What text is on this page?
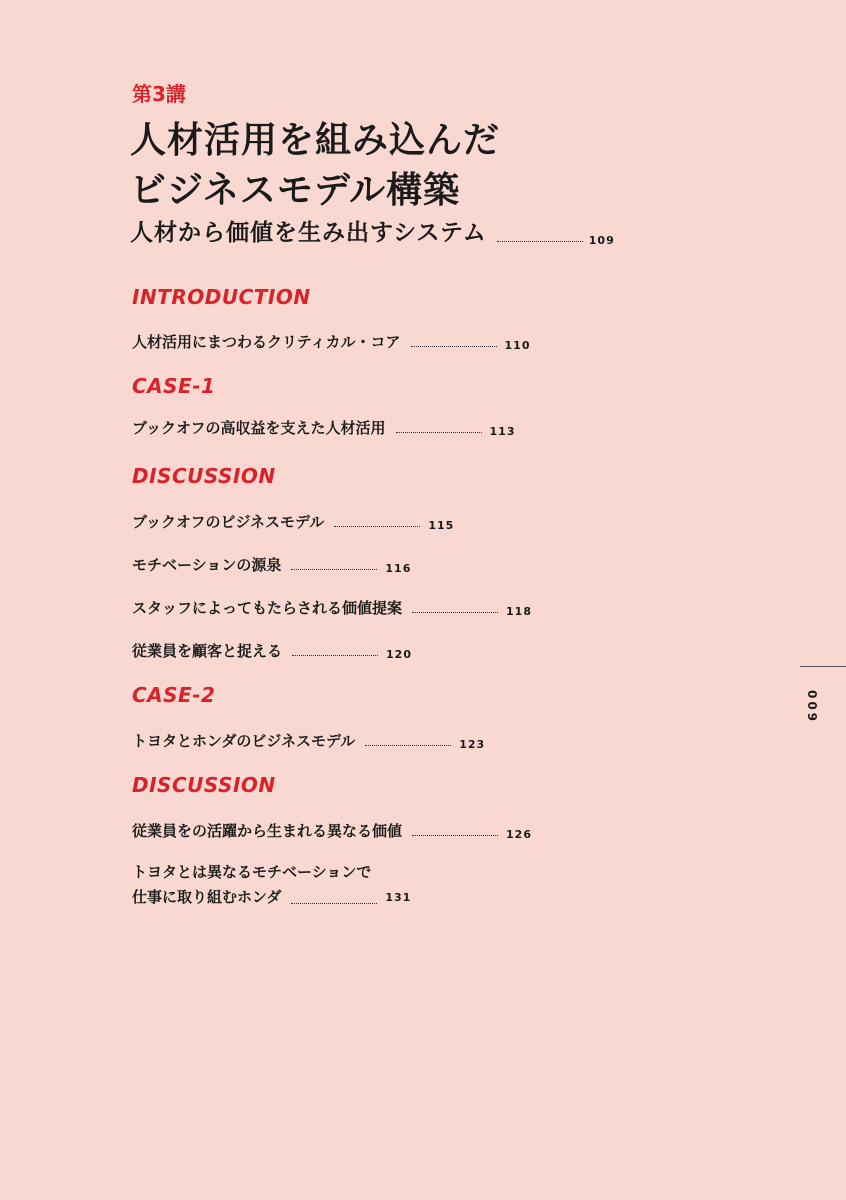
第3講
人材活用を組み込んだ
ビジネスモデル構築
人材から価値を生み出すシステム	109
INTRODUCTION
人材活用にまつわるクリティカル・コア	110
CASE-1
ブックオフの高収益を支えた人材活用	113
DISCUSSION
ブックオフのビジネスモデル	115
モチベーションの源泉	116
スタッフによってもたらされる価値提案	118
従業員を顧客と捉える	120
CASE-2
トヨタとホンダのビジネスモデル	123
DISCUSSION
従業員をの活躍から生まれる異なる価値	126
トヨタとは異なるモチベーションで
仕事に取り組むホンダ	131
009
